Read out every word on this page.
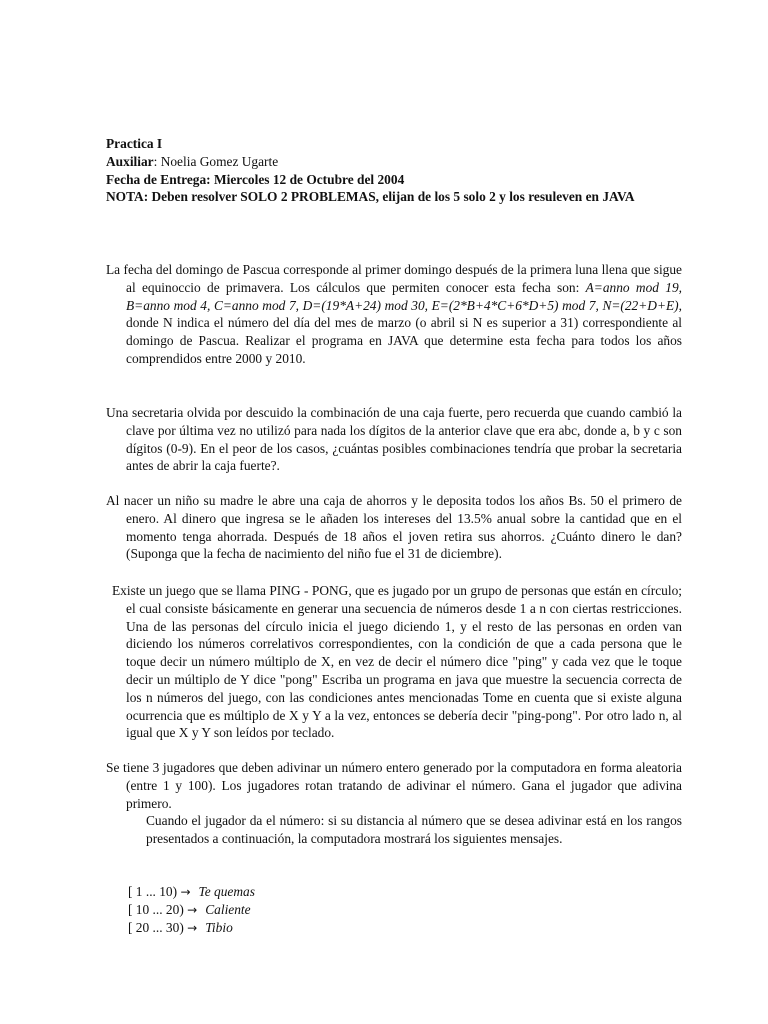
Practica I

Auxiliar: Noelia Gomez Ugarte

Fecha de Entrega: Miercoles 12 de Octubre del 2004

NOTA: Deben resolver SOLO 2 PROBLEMAS, elijan de los 5 solo 2 y los resuleven en JAVA

La fecha del domingo de Pascua corresponde al primer domingo después de la primera luna llena que sigue al equinoccio de primavera. Los cálculos que permiten conocer esta fecha son: A=anno mod 19, B=anno mod 4, C=anno mod 7, D=(19*A+24) mod 30, E=(2*B+4*C+6*D+5) mod 7, N=(22+D+E), donde N indica el número del día del mes de marzo (o abril si N es superior a 31) correspondiente al domingo de Pascua. Realizar el programa en JAVA que determine esta fecha para todos los años comprendidos entre 2000 y 2010.
Una secretaria olvida por descuido la combinación de una caja fuerte, pero recuerda que cuando cambió la clave por última vez no utilizó para nada los dígitos de la anterior clave que era abc, donde a, b y c son dígitos (0-9). En el peor de los casos, ¿cuántas posibles combinaciones tendría que probar la secretaria antes de abrir la caja fuerte?.
Al nacer un niño su madre le abre una caja de ahorros y le deposita todos los años Bs. 50 el primero de enero. Al dinero que ingresa se le añaden los intereses del 13.5% anual sobre la cantidad que en el momento tenga ahorrada. Después de 18 años el joven retira sus ahorros. ¿Cuánto dinero le dan? (Suponga que la fecha de nacimiento del niño fue el 31 de diciembre).
Existe un juego que se llama PING - PONG, que es jugado por un grupo de personas que están en círculo; el cual consiste básicamente en generar una secuencia de números desde 1 a n con ciertas restricciones. Una de las personas del círculo inicia el juego diciendo 1, y el resto de las personas en orden van diciendo los números correlativos correspondientes, con la condición de que a cada persona que le toque decir un número múltiplo de X, en vez de decir el número dice "ping" y cada vez que le toque decir un múltiplo de Y dice "pong" Escriba un programa en java que muestre la secuencia correcta de los n números del juego, con las condiciones antes mencionadas Tome en cuenta que si existe alguna ocurrencia que es múltiplo de X y Y a la vez, entonces se debería decir "ping-pong". Por otro lado n, al igual que X y Y son leídos por teclado.

Se tiene 3 jugadores que deben adivinar un número entero generado por la computadora en forma aleatoria (entre 1 y 100). Los jugadores rotan tratando de adivinar el número. Gana el jugador que adivina primero.

Cuando el jugador da el número: si su distancia al número que se desea adivinar está en los rangos presentados a continuación, la computadora mostrará los siguientes mensajes.

[ 1 ... 10) → Te quemas
[ 10 ... 20) → Caliente
[ 20 ... 30) → Tibio
